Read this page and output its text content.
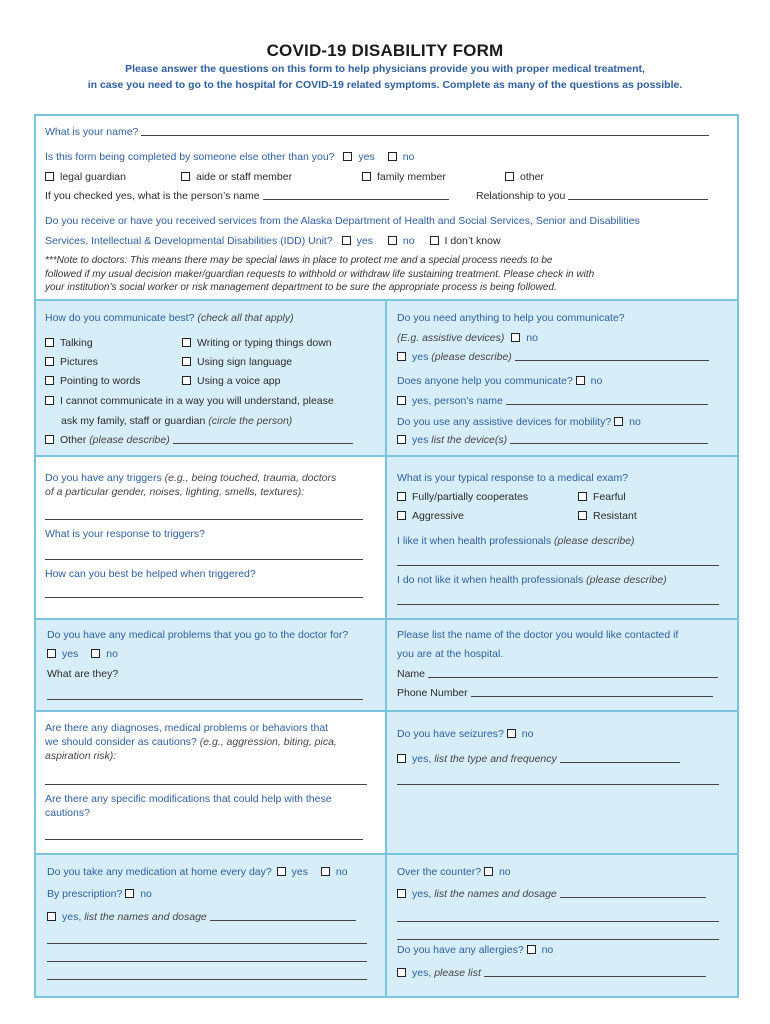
COVID-19 DISABILITY FORM
Please answer the questions on this form to help physicians provide you with proper medical treatment,
in case you need to go to the hospital for COVID-19 related symptoms. Complete as many of the questions as possible.
What is your name?
Is this form being completed by someone else other than you? yes	no
legal guardian	aide or staff member	family member	other
If you checked yes, what is the person’s name	Relationship to you
Do you receive or have you received services from the Alaska Department of Health and Social Services, Senior and Disabilities
Services, Intellectual & Developmental Disabilities (IDD) Unit? yes	no	I don’t know
***Note to doctors: This means there may be special laws in place to protect me and a special process needs to be
followed if my usual decision maker/guardian requests to withhold or withdraw life sustaining treatment. Please check in with
your institution’s social worker or risk management department to be sure the appropriate process is being followed.
How do you communicate best? (check all that apply)
Talking	Writing or typing things down
Pictures	Using sign language
Pointing to words	Using a voice app
I cannot communicate in a way you will understand, please
ask my family, staff or guardian (circle the person)
Other (please describe)
Do you need anything to help you communicate?
(E.g. assistive devices) no
yes (please describe)
Does anyone help you communicate? no
yes, person’s name
Do you use any assistive devices for mobility? no
yes list the device(s)
Do you have any triggers (e.g., being touched, trauma, doctors
of a particular gender, noises, lighting, smells, textures):
What is your response to triggers?
How can you best be helped when triggered?
What is your typical response to a medical exam?
Fully/partially cooperates	Fearful
Aggressive	Resistant
I like it when health professionals (please describe)
I do not like it when health professionals (please describe)
Do you have any medical problems that you go to the doctor for?
yes	no
What are they?
Please list the name of the doctor you would like contacted if
you are at the hospital.
Name
Phone Number
Are there any diagnoses, medical problems or behaviors that
we should consider as cautions? (e.g., aggression, biting, pica,
aspiration risk):
Are there any specific modifications that could help with these
cautions?
Do you have seizures? no
yes, list the type and frequency
Do you take any medication at home every day? yes	no
By prescription? no
yes, list the names and dosage
Over the counter? no
yes, list the names and dosage
Do you have any allergies? no
yes, please list
